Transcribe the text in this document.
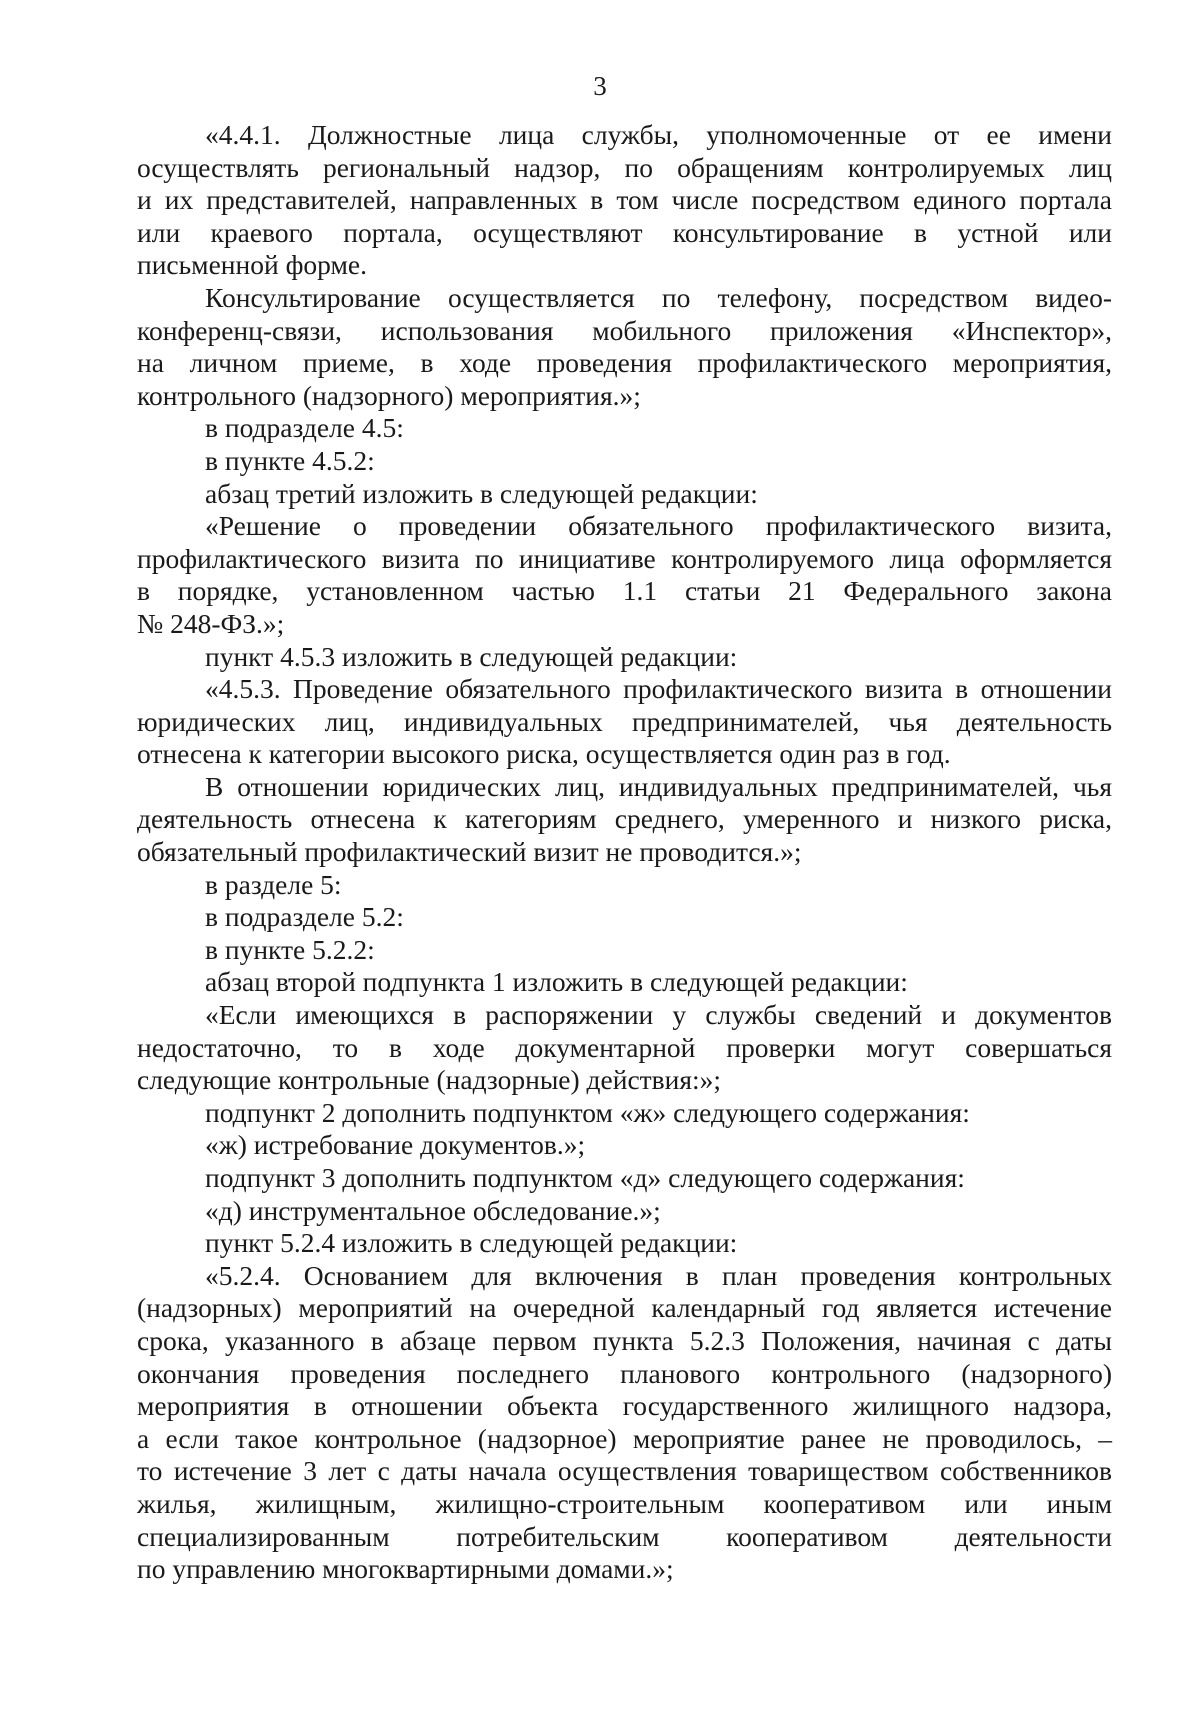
3
«4.4.1. Должностные лица службы, уполномоченные от ее имени
осуществлять региональный надзор, по обращениям контролируемых лиц
и их представителей, направленных в том числе посредством единого портала
или краевого портала, осуществляют консультирование в устной или
письменной форме.
Консультирование осуществляется по телефону, посредством видео-
конференц-связи, использования мобильного приложения «Инспектор»,
на личном приеме, в ходе проведения профилактического мероприятия,
контрольного (надзорного) мероприятия.»;
в подразделе 4.5:
в пункте 4.5.2:
абзац третий изложить в следующей редакции:
«Решение о проведении обязательного профилактического визита,
профилактического визита по инициативе контролируемого лица оформляется
в порядке, установленном частью 1.1 статьи 21 Федерального закона
№ 248-ФЗ.»;
пункт 4.5.3 изложить в следующей редакции:
«4.5.3. Проведение обязательного профилактического визита в отношении
юридических лиц, индивидуальных предпринимателей, чья деятельность
отнесена к категории высокого риска, осуществляется один раз в год.
В отношении юридических лиц, индивидуальных предпринимателей, чья
деятельность отнесена к категориям среднего, умеренного и низкого риска,
обязательный профилактический визит не проводится.»;
в разделе 5:
в подразделе 5.2:
в пункте 5.2.2:
абзац второй подпункта 1 изложить в следующей редакции:
«Если имеющихся в распоряжении у службы сведений и документов
недостаточно, то в ходе документарной проверки могут совершаться
следующие контрольные (надзорные) действия:»;
подпункт 2 дополнить подпунктом «ж» следующего содержания:
«ж) истребование документов.»;
подпункт 3 дополнить подпунктом «д» следующего содержания:
«д) инструментальное обследование.»;
пункт 5.2.4 изложить в следующей редакции:
«5.2.4. Основанием для включения в план проведения контрольных
(надзорных) мероприятий на очередной календарный год является истечение
срока, указанного в абзаце первом пункта 5.2.3 Положения, начиная с даты
окончания проведения последнего планового контрольного (надзорного)
мероприятия в отношении объекта государственного жилищного надзора,
а если такое контрольное (надзорное) мероприятие ранее не проводилось, –
то истечение 3 лет с даты начала осуществления товариществом собственников
жилья, жилищным, жилищно-строительным кооперативом или иным
специализированным потребительским кооперативом деятельности
по управлению многоквартирными домами.»;
